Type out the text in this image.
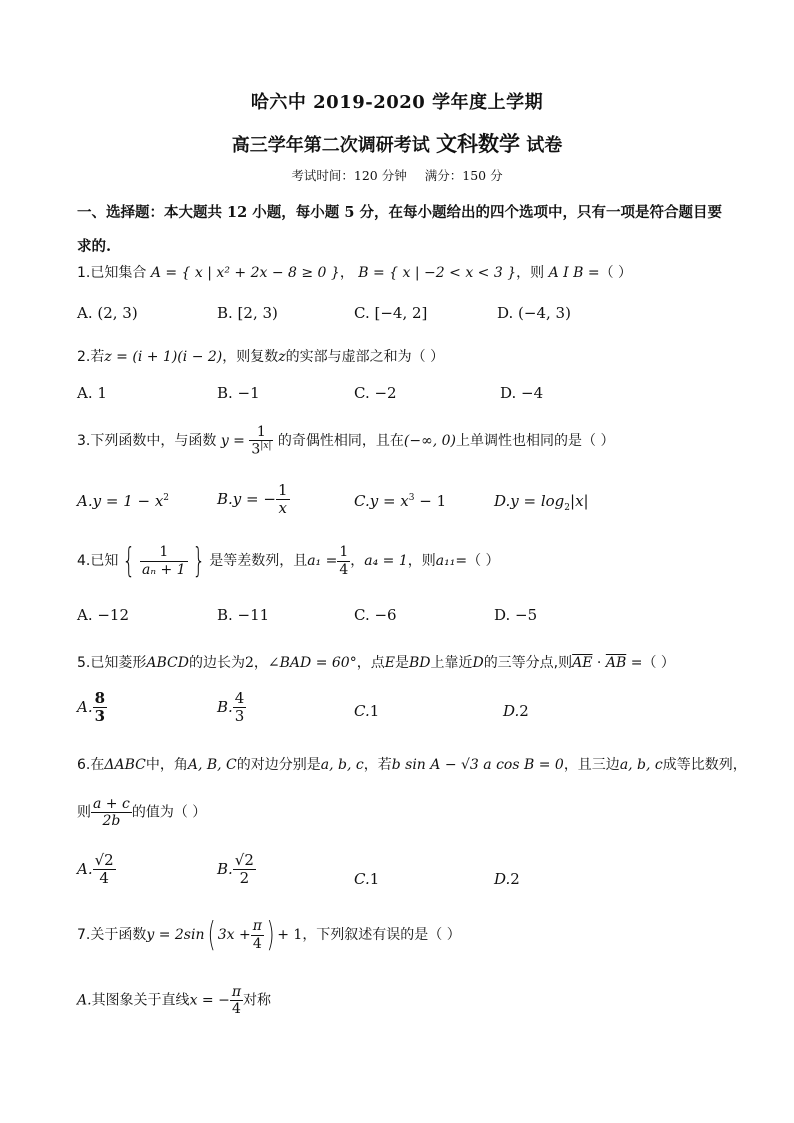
哈六中 2019-2020 学年度上学期
高三学年第二次调研考试 文科数学 试卷
考试时间：120 分钟 满分：150 分
一、选择题：本大题共 12 小题，每小题 5 分，在每小题给出的四个选项中，只有一项是符合题目要求的.
1.已知集合 A = { x | x² + 2x − 8 ≥ 0 }， B = { x | −2 < x < 3 }，则 A I B =（ ）
A. (2, 3)	B. [2, 3)	C. [−4, 2]	D. (−4, 3)
2.若z = (i + 1)(i − 2)，则复数z的实部与虚部之和为（ ）
A. 1	B. −1	C. −2	D. −4
3.下列函数中，与函数 $y = \frac{1}{3^{|x|}}$ 的奇偶性相同，且在(−∞, 0)上单调性也相同的是（ ）
$A.y = 1 - x^2$	B.y = − $\frac{1}{x}$	$C.y = x^3 - 1$	$D.y = \log_2|x|$
4.已知 { $\frac{1}{\text{aₙ + 1}}$ } 是等差数列，且$a_1 = \frac{1}{4}$ ，a₄ = 1，则a₁₁=（ ）
A. −12	B. −11	C. −6	D. −5
5.已知菱形ABCD的边长为2，∠BAD = 60°，点E是BD上靠近D的三等分点,则$\overline{AE} \cdot \overline{AB}$ =（ ）
A. $\frac{8}{3}$	B. $\frac{4}{3}$	C.1	D.2
6.在ΔABC中，角A, B, C的对边分别是a, b, c，若b sin A − √3 a cos B = 0，且三边a, b, c成等比数列，
则 $\frac{a + c}{2b}$ 的值为（ ）
A. $\frac{√2}{4}$	B. $\frac{√2}{2}$	C.1	D.2
7.关于函数y = 2sin( $3x + \frac{\pi}{4}$ ) + 1，下列叙述有误的是（ ）
A.其图象关于直线x = − $\frac{\pi}{4}$ 对称
